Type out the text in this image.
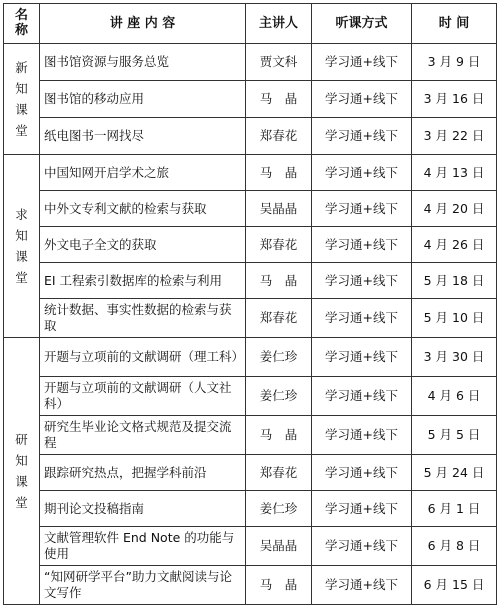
名称	讲 座 内 容	主讲人	听课方式	时 间
新知课堂	图书馆资源与服务总览	贾文科	学习通+线下	3 月 9 日
	图书馆的移动应用	马　晶	学习通+线下	3 月 16 日
	纸电图书一网找尽	郑春花	学习通+线下	3 月 22 日
求知课堂	中国知网开启学术之旅	马　晶	学习通+线下	4 月 13 日
	中外文专利文献的检索与获取	吴晶晶	学习通+线下	4 月 20 日
	外文电子全文的获取	郑春花	学习通+线下	4 月 26 日
	EI 工程索引数据库的检索与利用	马　晶	学习通+线下	5 月 18 日
	统计数据、事实性数据的检索与获取	郑春花	学习通+线下	5 月 10 日
研知课堂	开题与立项前的文献调研（理工科）	姜仁珍	学习通+线下	3 月 30 日
	开题与立项前的文献调研（人文社科）	姜仁珍	学习通+线下	4 月 6 日
	研究生毕业论文格式规范及提交流程	马　晶	学习通+线下	5 月 5 日
	跟踪研究热点，把握学科前沿	郑春花	学习通+线下	5 月 24 日
	期刊论文投稿指南	姜仁珍	学习通+线下	6 月 1 日
	文献管理软件 End Note 的功能与使用	吴晶晶	学习通+线下	6 月 8 日
	“知网研学平台”助力文献阅读与论文写作	马　晶	学习通+线下	6 月 15 日
